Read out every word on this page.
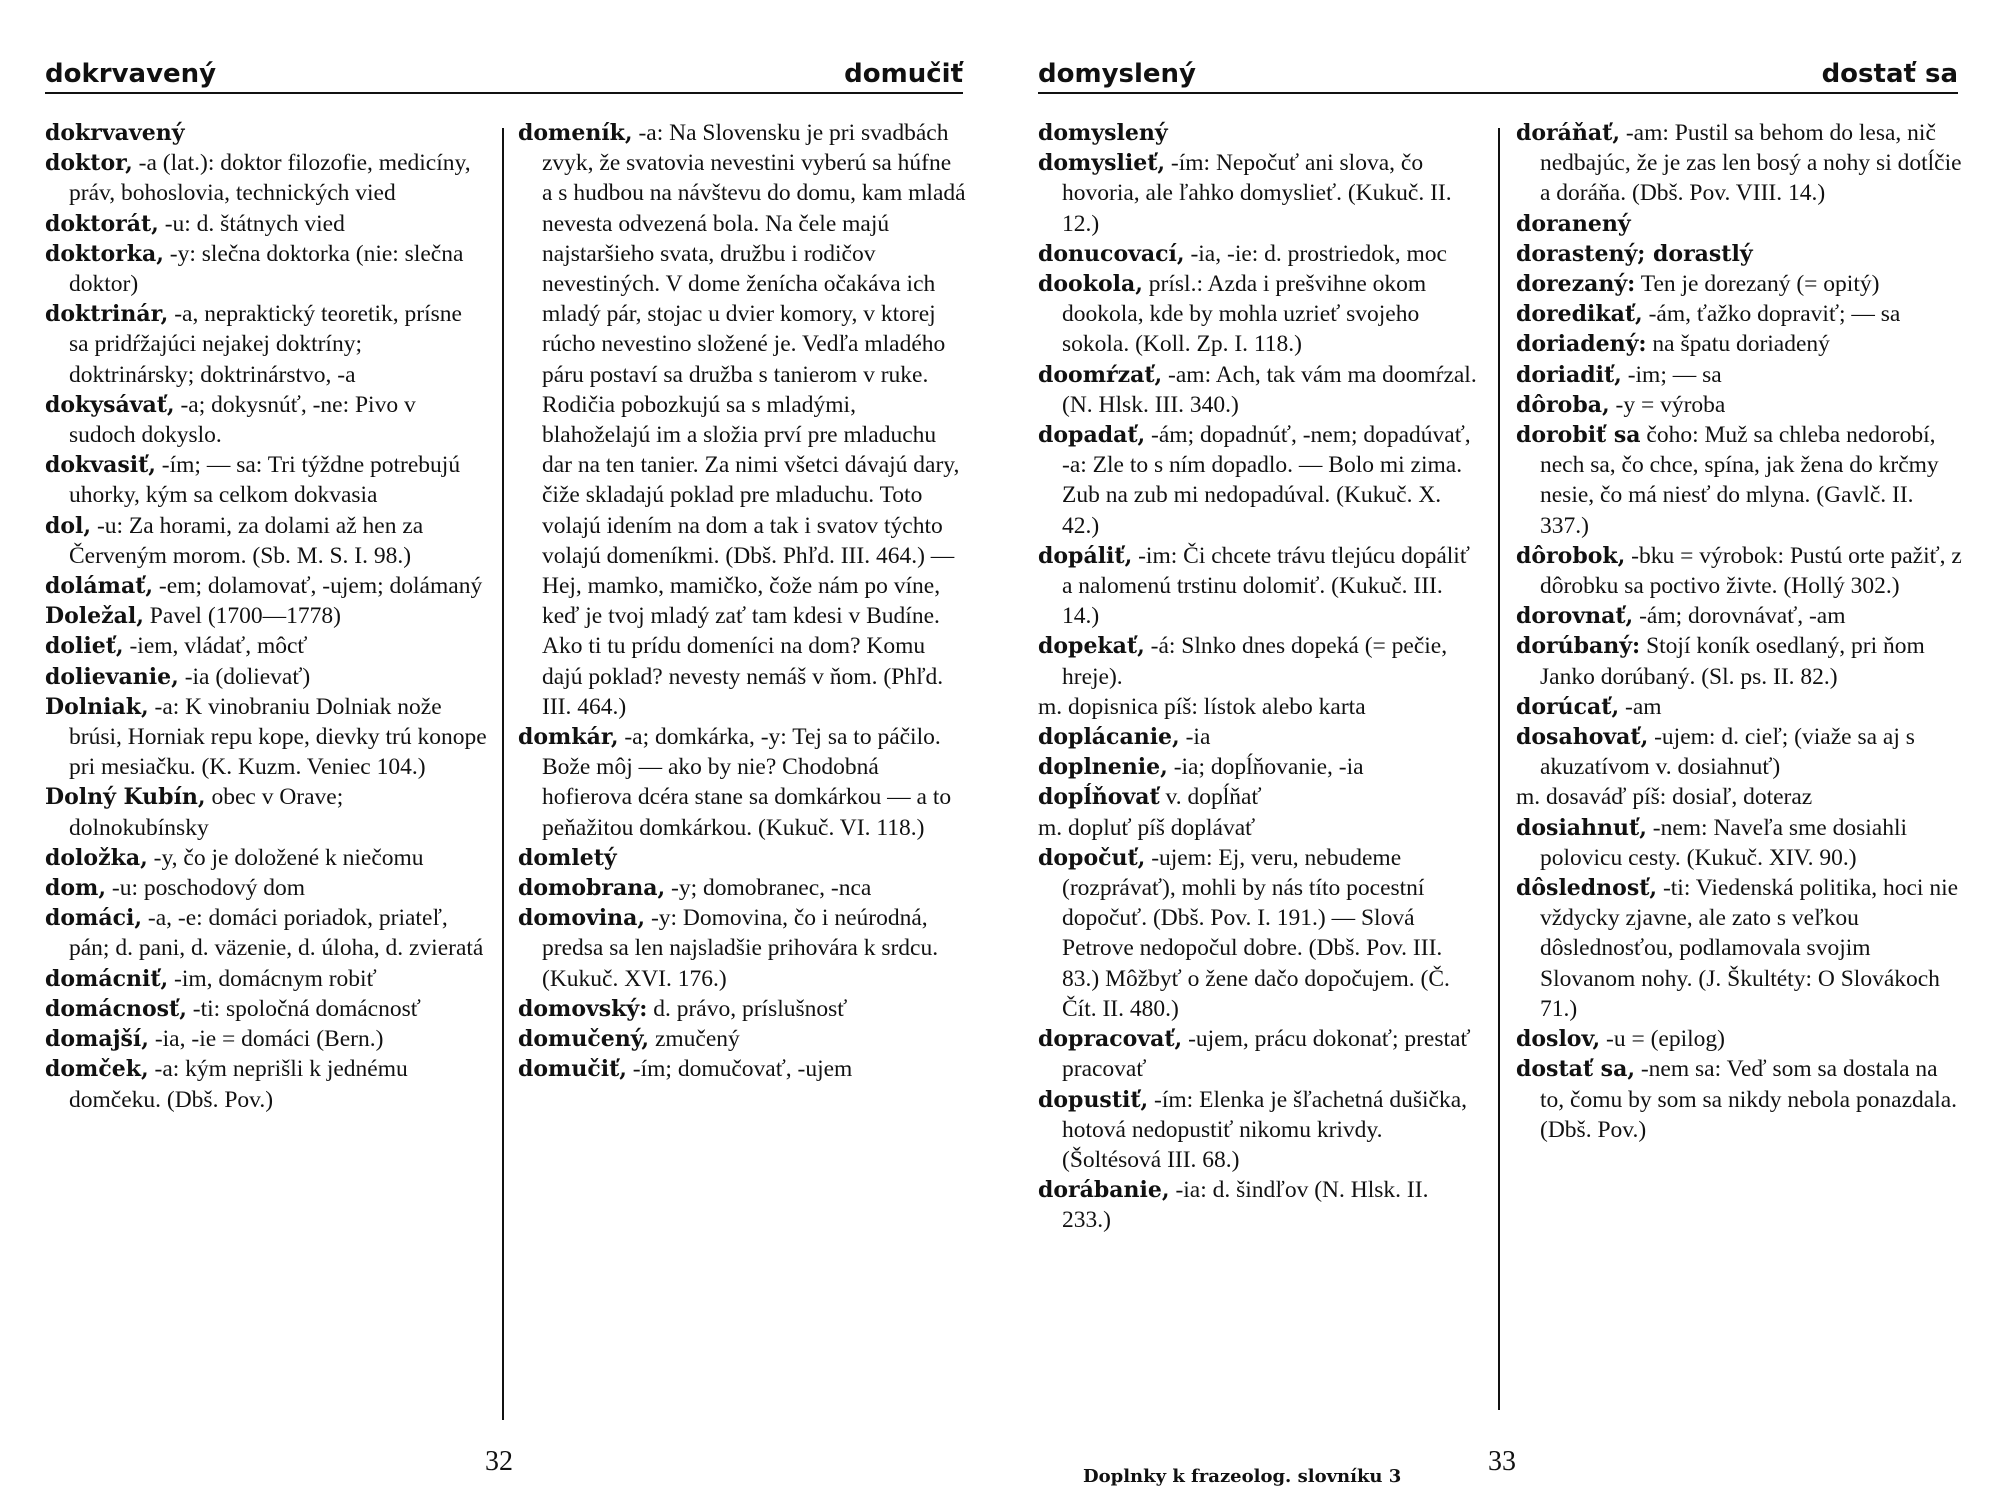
dokrvavený	domučiť

dokrvavený

doktor, -a (lat.): doktor filozofie, medicíny, práv, bohoslovia, technických vied

doktorát, -u: d. štátnych vied

doktorka, -y: slečna doktorka (nie: slečna doktor)

doktrinár, -a, nepraktický teoretik, prísne sa pridŕžajúci nejakej doktríny; doktrinársky; doktrinárstvo, -a

dokysávať, -a; dokysnúť, -ne: Pivo v sudoch dokyslo.

dokvasiť, -ím; — sa: Tri týždne potrebujú uhorky, kým sa celkom dokvasia

dol, -u: Za horami, za dolami až hen za Červeným morom. (Sb. M. S. I. 98.)

dolámať, -em; dolamovať, -ujem; dolámaný

Doležal, Pavel (1700—1778)

dolieť, -iem, vládať, môcť

dolievanie, -ia (dolievať)

Dolniak, -a: K vinobraniu Dolniak nože brúsi, Horniak repu kope, dievky trú konope pri mesiačku. (K. Kuzm. Veniec 104.)

Dolný Kubín, obec v Orave; dolnokubínsky

doložka, -y, čo je doložené k niečomu

dom, -u: poschodový dom

domáci, -a, -e: domáci poriadok, priateľ, pán; d. pani, d. väzenie, d. úloha, d. zvieratá

domácniť, -im, domácnym robiť

domácnosť, -ti: spoločná domácnosť

domajší, -ia, -ie = domáci (Bern.)

domček, -a: kým neprišli k jednému domčeku. (Dbš. Pov.)

domeník, -a: Na Slovensku je pri svadbách zvyk, že svatovia nevestini vyberú sa húfne a s hudbou na návštevu do domu, kam mladá nevesta odvezená bola. Na čele majú najstaršieho svata, družbu i rodičov nevestiných. V dome ženícha očakáva ich mladý pár, stojac u dvier komory, v ktorej rúcho nevestino složené je. Vedľa mladého páru postaví sa družba s tanierom v ruke. Rodičia pobozkujú sa s mladými, blahoželajú im a složia prví pre mladuchu dar na ten tanier. Za nimi všetci dávajú dary, čiže skladajú poklad pre mladuchu. Toto volajú idením na dom a tak i svatov týchto volajú domeníkmi. (Dbš. Phľd. III. 464.) — Hej, mamko, mamičko, čože nám po víne, keď je tvoj mladý zať tam kdesi v Budíne. Ako ti tu prídu domeníci na dom? Komu dajú poklad? nevesty nemáš v ňom. (Phľd. III. 464.)

domkár, -a; domkárka, -y: Tej sa to páčilo. Bože môj — ako by nie? Chodobná hofierova dcéra stane sa domkárkou — a to peňažitou domkárkou. (Kukuč. VI. 118.)

domletý

domobrana, -y; domobranec, -nca

domovina, -y: Domovina, čo i neúrodná, predsa sa len najsladšie prihovára k srdcu. (Kukuč. XVI. 176.)

domovský: d. právo, príslušnosť

domučený, zmučený

domučiť, -ím; domučovať, -ujem

32
domyslený	dostať sa

domyslený

domyslieť, -ím: Nepočuť ani slova, čo hovoria, ale ľahko domyslieť. (Kukuč. II. 12.)

donucovací, -ia, -ie: d. prostriedok, moc

dookola, prísl.: Azda i prešvihne okom dookola, kde by mohla uzrieť svojeho sokola. (Koll. Zp. I. 118.)

doomŕzať, -am: Ach, tak vám ma doomŕzal. (N. Hlsk. III. 340.)

dopadať, -ám; dopadnúť, -nem; dopadúvať, -a: Zle to s ním dopadlo. — Bolo mi zima. Zub na zub mi nedopadúval. (Kukuč. X. 42.)

dopáliť, -im: Či chcete trávu tlejúcu dopáliť a nalomenú trstinu dolomiť. (Kukuč. III. 14.)

dopekať, -á: Slnko dnes dopeká (= pečie, hreje).

m. dopisnica píš: lístok alebo karta

doplácanie, -ia

doplnenie, -ia; dopĺňovanie, -ia

dopĺňovať v. dopĺňať

m. dopluť píš doplávať

dopočuť, -ujem: Ej, veru, nebudeme (rozprávať), mohli by nás títo pocestní dopočuť. (Dbš. Pov. I. 191.) — Slová Petrove nedopočul dobre. (Dbš. Pov. III. 83.) Môžbyť o žene dačo dopočujem. (Č. Čít. II. 480.)

dopracovať, -ujem, prácu dokonať; prestať pracovať

dopustiť, -ím: Elenka je šľachetná dušička, hotová nedopustiť nikomu krivdy. (Šoltésová III. 68.)

dorábanie, -ia: d. šindľov (N. Hlsk. II. 233.)

doráňať, -am: Pustil sa behom do lesa, nič nedbajúc, že je zas len bosý a nohy si dotĺčie a doráňa. (Dbš. Pov. VIII. 14.)

doranený

dorastený; dorastlý

dorezaný: Ten je dorezaný (= opitý)

doredikať, -ám, ťažko dopraviť; — sa

doriadený: na špatu doriadený

doriadiť, -im; — sa

dôroba, -y = výroba

dorobiť sa čoho: Muž sa chleba nedorobí, nech sa, čo chce, spína, jak žena do krčmy nesie, čo má niesť do mlyna. (Gavlč. II. 337.)

dôrobok, -bku = výrobok: Pustú orte pažiť, z dôrobku sa poctivo živte. (Hollý 302.)

dorovnať, -ám; dorovnávať, -am

dorúbaný: Stojí koník osedlaný, pri ňom Janko dorúbaný. (Sl. ps. II. 82.)

dorúcať, -am

dosahovať, -ujem: d. cieľ; (viaže sa aj s akuzatívom v. dosiahnuť)

m. dosaváď píš: dosiaľ, doteraz

dosiahnuť, -nem: Naveľa sme dosiahli polovicu cesty. (Kukuč. XIV. 90.)

dôslednosť, -ti: Viedenská politika, hoci nie vždycky zjavne, ale zato s veľkou dôslednosťou, podlamovala svojim Slovanom nohy. (J. Škultéty: O Slovákoch 71.)

doslov, -u = (epilog)

dostať sa, -nem sa: Veď som sa dostala na to, čomu by som sa nikdy nebola ponazdala. (Dbš. Pov.)

Doplnky k frazeolog. slovníku 3	33
